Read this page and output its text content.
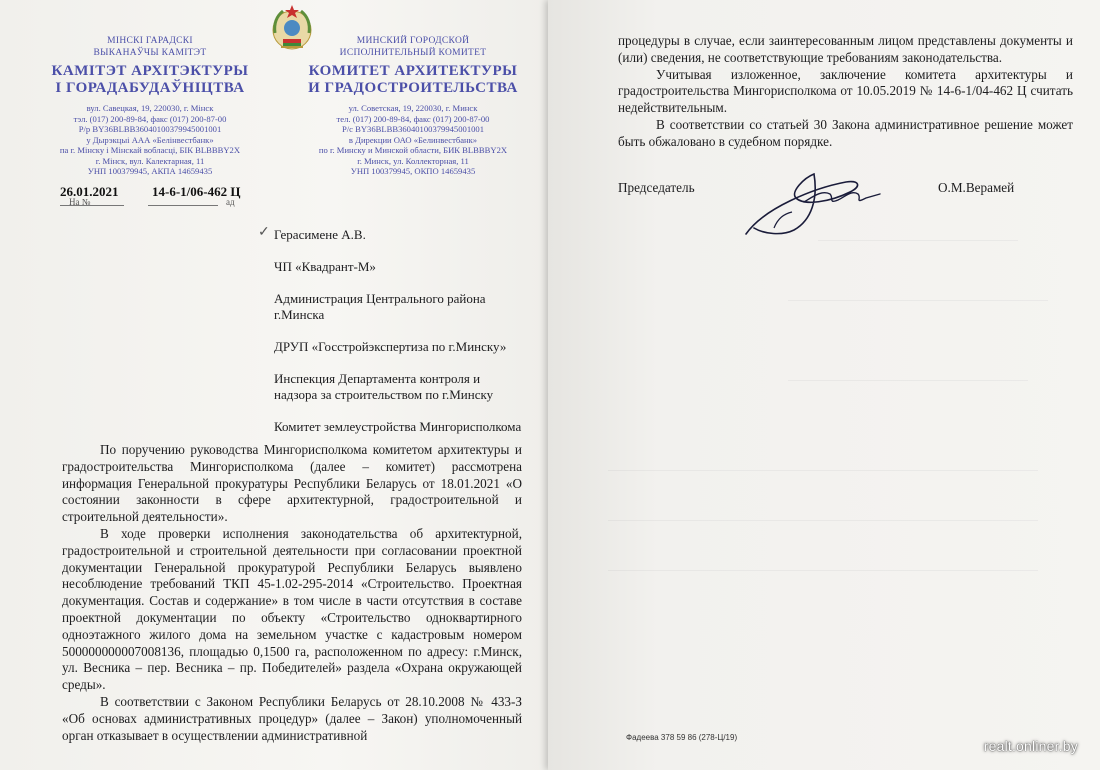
МІНСКІ ГАРАДСКІ
ВЫКАНАЎЧЫ КАМІТЭТ
КАМІТЭТ АРХІТЭКТУРЫ
І ГОРАДАБУДАЎНІЦТВА
вул. Савецкая, 19, 220030, г. Мінск
тэл. (017) 200-89-84, факс (017) 200-87-00
Р/р BY36BLBB36040100379945001001
у Дырэкцыі ААА «Белінвестбанк»
па г. Мінску і Мінскай вобласці, БІК BLBBBY2X
г. Мінск, вул. Калектарная, 11
УНП 100379945, АКПА 14659435
МИНСКИЙ ГОРОДСКОЙ
ИСПОЛНИТЕЛЬНЫЙ КОМИТЕТ
КОМИТЕТ АРХИТЕКТУРЫ
И ГРАДОСТРОИТЕЛЬСТВА
ул. Советская, 19, 220030, г. Минск
тел. (017) 200-89-84, факс (017) 200-87-00
Р/с BY36BLBB36040100379945001001
в Дирекции ОАО «Белинвестбанк»
по г. Минску и Минской области, БИК BLBBBY2X
г. Минск, ул. Коллекторная, 11
УНП 100379945, ОКПО 14659435
26.01.2021	14-6-1/06-462 Ц
На №	ад
✓ Герасимене А.В.
ЧП «Квадрант-М»
Администрация Центрального района г.Минска
ДРУП «Госстройэкспертиза по г.Минску»
Инспекция Департамента контроля и надзора за строительством по г.Минску
Комитет землеустройства Мингорисполкома

По поручению руководства Мингорисполкома комитетом архитектуры и градостроительства Мингорисполкома (далее – комитет) рассмотрена информация Генеральной прокуратуры Республики Беларусь от 18.01.2021 «О состоянии законности в сфере архитектурной, градостроительной и строительной деятельности».

В ходе проверки исполнения законодательства об архитектурной, градостроительной и строительной деятельности при согласовании проектной документации Генеральной прокуратурой Республики Беларусь выявлено несоблюдение требований ТКП 45-1.02-295-2014 «Строительство. Проектная документация. Состав и содержание» в том числе в части отсутствия в составе проектной документации по объекту «Строительство одноквартирного одноэтажного жилого дома на земельном участке с кадастровым номером 500000000007008136, площадью 0,1500 га, расположенном по адресу: г.Минск, ул. Весника – пер. Весника – пр. Победителей» раздела «Охрана окружающей среды».

В соответствии с Законом Республики Беларусь от 28.10.2008 № 433-З «Об основах административных процедур» (далее – Закон) уполномоченный орган отказывает в осуществлении административной

процедуры в случае, если заинтересованным лицом представлены документы и (или) сведения, не соответствующие требованиям законодательства.

Учитывая изложенное, заключение комитета архитектуры и градостроительства Мингорисполкома от 10.05.2019 № 14-6-1/04-462 Ц считать недействительным.

В соответствии со статьей 30 Закона административное решение может быть обжаловано в судебном порядке.

Председатель	О.М.Верамей
Фадеева 378 59 86 (278-Ц/19)
realt.onliner.by
